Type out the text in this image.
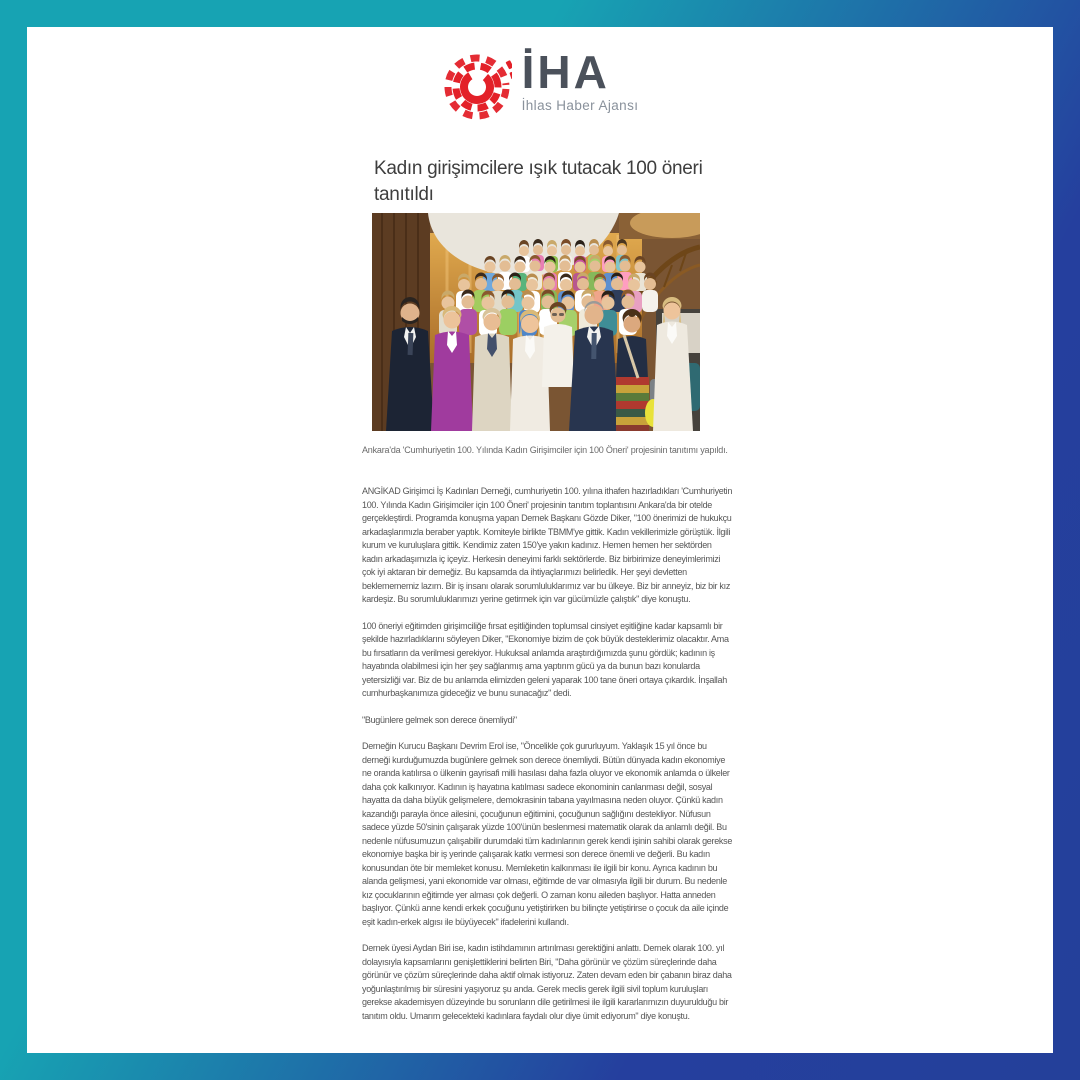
İHA
İhlas Haber Ajansı
Kadın girişimcilere ışık tutacak 100 öneri tanıtıldı

Ankara'da 'Cumhuriyetin 100. Yılında Kadın Girişimciler için 100 Öneri' projesinin tanıtımı yapıldı.

ANGİKAD Girişimci İş Kadınları Derneği, cumhuriyetin 100. yılına ithafen hazırladıkları 'Cumhuriyetin 100. Yılında Kadın Girişimciler için 100 Öneri' projesinin tanıtım toplantısını Ankara'da bir otelde gerçekleştirdi. Programda konuşma yapan Dernek Başkanı Gözde Diker, "100 önerimizi de hukukçu arkadaşlarımızla beraber yaptık. Komiteyle birlikte TBMM'ye gittik. Kadın vekillerimizle görüştük. İlgili kurum ve kuruluşlara gittik. Kendimiz zaten 150'ye yakın kadınız. Hemen hemen her sektörden kadın arkadaşımızla iç içeyiz. Herkesin deneyimi farklı sektörlerde. Biz birbirimize deneyimlerimizi çok iyi aktaran bir derneğiz. Bu kapsamda da ihtiyaçlarımızı belirledik. Her şeyi devletten beklemememiz lazım. Bir iş insanı olarak sorumluluklarımız var bu ülkeye. Biz bir anneyiz, biz bir kız kardeşiz. Bu sorumluluklarımızı yerine getirmek için var gücümüzle çalıştık" diye konuştu.

100 öneriyi eğitimden girişimciliğe fırsat eşitliğinden toplumsal cinsiyet eşitliğine kadar kapsamlı bir şekilde hazırladıklarını söyleyen Diker, "Ekonomiye bizim de çok büyük desteklerimiz olacaktır. Ama bu fırsatların da verilmesi gerekiyor. Hukuksal anlamda araştırdığımızda şunu gördük; kadının iş hayatında olabilmesi için her şey sağlanmış ama yaptırım gücü ya da bunun bazı konularda yetersizliği var. Biz de bu anlamda elimizden geleni yaparak 100 tane öneri ortaya çıkardık. İnşallah cumhurbaşkanımıza gideceğiz ve bunu sunacağız" dedi.

"Bugünlere gelmek son derece önemliydi"

Derneğin Kurucu Başkanı Devrim Erol ise, "Öncelikle çok gururluyum. Yaklaşık 15 yıl önce bu derneği kurduğumuzda bugünlere gelmek son derece önemliydi. Bütün dünyada kadın ekonomiye ne oranda katılırsa o ülkenin gayrisafi milli hasılası daha fazla oluyor ve ekonomik anlamda o ülkeler daha çok kalkınıyor. Kadının iş hayatına katılması sadece ekonominin canlanması değil, sosyal hayatta da daha büyük gelişmelere, demokrasinin tabana yayılmasına neden oluyor. Çünkü kadın kazandığı parayla önce ailesini, çocuğunun eğitimini, çocuğunun sağlığını destekliyor. Nüfusun sadece yüzde 50'sinin çalışarak yüzde 100'ünün beslenmesi matematik olarak da anlamlı değil. Bu nedenle nüfusumuzun çalışabilir durumdaki tüm kadınlarının gerek kendi işinin sahibi olarak gerekse ekonomiye başka bir iş yerinde çalışarak katkı vermesi son derece önemli ve değerli. Bu kadın konusundan öte bir memleket konusu. Memleketin kalkınması ile ilgili bir konu. Ayrıca kadının bu alanda gelişmesi, yani ekonomide var olması, eğitimde de var olmasıyla ilgili bir durum. Bu nedenle kız çocuklarının eğitimde yer alması çok değerli. O zaman konu aileden başlıyor. Hatta anneden başlıyor. Çünkü anne kendi erkek çocuğunu yetiştirirken bu bilinçte yetiştirirse o çocuk da aile içinde eşit kadın-erkek algısı ile büyüyecek" ifadelerini kullandı.

Dernek üyesi Aydan Biri ise, kadın istihdamının artırılması gerektiğini anlattı. Dernek olarak 100. yıl dolayısıyla kapsamlarını genişlettiklerini belirten Biri, "Daha görünür ve çözüm süreçlerinde daha görünür ve çözüm süreçlerinde daha aktif olmak istiyoruz. Zaten devam eden bir çabanın biraz daha yoğunlaştırılmış bir süresini yaşıyoruz şu anda. Gerek meclis gerek ilgili sivil toplum kuruluşları gerekse akademisyen düzeyinde bu sorunların dile getirilmesi ile ilgili kararlarımızın duyurulduğu bir tanıtım oldu. Umarım gelecekteki kadınlara faydalı olur diye ümit ediyorum" diye konuştu.
